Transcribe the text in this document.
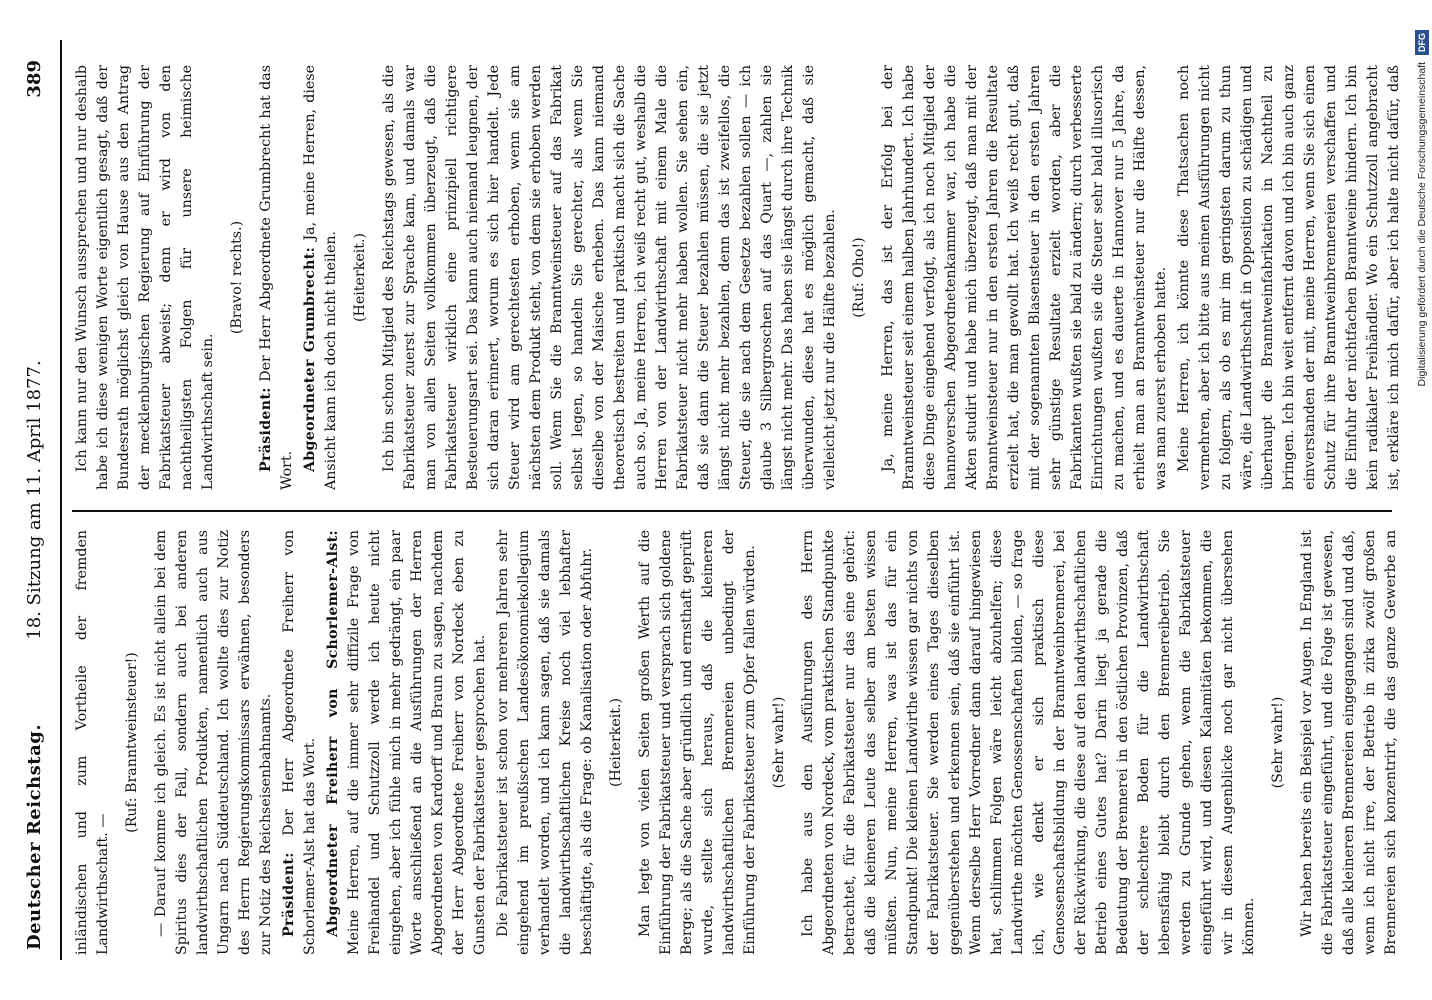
Deutscher Reichstag.
18. Sitzung am 11. April 1877.
389

inländischen und zum Vortheile der fremden Landwirthschaft. —

(Ruf: Branntweinsteuer!) — Darauf komme ich gleich. Es ist nicht allein bei dem Spiritus dies der Fall, sondern auch bei anderen landwirthschaftlichen Produkten, namentlich auch aus Ungarn nach Süddeutschland. Ich wollte dies zur Notiz des Herrn Regierungskommissars erwähnen, besonders zur Notiz des Reichseisenbahnamts. Präsident: Der Herr Abgeordnete Freiherr von Schorlemer-Alst hat das Wort. Abgeordneter Freiherr von Schorlemer-Alst: Meine Herren, auf die immer sehr diffizile Frage von Freihandel und Schutzzoll werde ich heute nicht eingehen, aber ich fühle mich in mehr gedrängt, ein paar Worte anschließend an die Ausführungen der Herren Abgeordneten von Kardorff und Braun zu sagen, nachdem der Herr Abgeordnete Freiherr von Nordeck eben zu Gunsten der Fabrikatsteuer gesprochen hat. Die Fabrikatsteuer ist schon vor mehreren Jahren sehr eingehend im preußischen Landesökonomiekollegium verhandelt worden, und ich kann sagen, daß sie damals die landwirthschaftlichen Kreise noch viel lebhafter beschäftigte, als die Frage: ob Kanalisation oder Abfuhr. (Heiterkeit.) Man legte von vielen Seiten großen Werth auf die Einführung der Fabrikatsteuer und versprach sich goldene Berge; als die Sache aber gründlich und ernsthaft geprüft wurde, stellte sich heraus, daß die kleineren landwirthschaftlichen Brennereien unbedingt der Einführung der Fabrikatsteuer zum Opfer fallen würden. (Sehr wahr!) Ich habe aus den Ausführungen des Herrn Abgeordneten von Nordeck, vom praktischen Standpunkte betrachtet, für die Fabrikatsteuer nur das eine gehört: daß die kleineren Leute das selber am besten wissen müßten. Nun, meine Herren, was ist das für ein Standpunkt! Die kleinen Landwirthe wissen gar nichts von der Fabrikatsteuer. Sie werden eines Tages dieselben gegenüberstehen und erkennen sein, daß sie einführt ist. Wenn derselbe Herr Vorredner dann darauf hingewiesen hat, schlimmen Folgen wäre leicht abzuhelfen; diese Landwirthe möchten Genossenschaften bilden, — so frage ich, wie denkt er sich praktisch diese Genossenschaftsbildung in der Branntweinbrennerei, bei der Rückwirkung, die diese auf den landwirthschaftlichen Betrieb eines Gutes hat? Darin liegt ja gerade die Bedeutung der Brennerei in den östlichen Provinzen, daß der schlechtere Boden für die Landwirthschaft lebensfähig bleibt durch den Brennereibetrieb. Sie werden zu Grunde gehen, wenn die Fabrikatsteuer eingeführt wird, und diesen Kalamitäten bekommen, die wir in diesem Augenblicke noch gar nicht übersehen können.

(Sehr wahr!)

Wir haben bereits ein Beispiel vor Augen. In England ist die Fabrikatsteuer eingeführt, und die Folge ist gewesen, daß alle kleineren Brennereien eingegangen sind und daß, wenn ich nicht irre, der Betrieb in zirka zwölf großen Brennereien sich konzentrirt, die das ganze Gewerbe an

Ich kann nur den Wunsch aussprechen und nur deshalb habe ich diese wenigen Worte eigentlich gesagt, daß der Bundesrath möglichst gleich von Hause aus den Antrag der mecklenburgischen Regierung auf Einführung der Fabrikatsteuer abweist; denn er wird von den nachtheiligsten Folgen für unsere heimische Landwirthschaft sein.

(Bravo! rechts.)

Präsident: Der Herr Abgeordnete Grumbrecht hat das Wort. Abgeordneter Grumbrecht: Ja, meine Herren, diese Ansicht kann ich doch nicht theilen. (Heiterkeit.) Ich bin schon Mitglied des Reichstags gewesen, als die Fabrikatsteuer zuerst zur Sprache kam, und damals war man von allen Seiten vollkommen überzeugt, daß die Fabrikatsteuer wirklich eine prinzipiell richtigere Besteuerungsart sei. Das kann auch niemand leugnen, der sich daran erinnert, worum es sich hier handelt. Jede Steuer wird am gerechtesten erhoben, wenn sie am nächsten dem Produkt steht, von dem sie erhoben werden soll. Wenn Sie die Branntweinsteuer auf das Fabrikat selbst legen, so handeln Sie gerechter, als wenn Sie dieselbe von der Maische erheben. Das kann niemand theoretisch bestreiten und praktisch macht sich die Sache auch so. Ja, meine Herren, ich weiß recht gut, weshalb die Herren von der Landwirthschaft mit einem Male die Fabrikatsteuer nicht mehr haben wollen. Sie sehen ein, daß sie dann die Steuer bezahlen müssen, die sie jetzt längst nicht mehr bezahlen, denn das ist zweifellos, die Steuer, die sie nach dem Gesetze bezahlen sollen — ich glaube 3 Silbergroschen auf das Quart —, zahlen sie längst nicht mehr. Das haben sie längst durch ihre Technik überwunden, diese hat es möglich gemacht, daß sie vielleicht jetzt nur die Hälfte bezahlen. (Ruf: Oho!) Ja, meine Herren, das ist der Erfolg bei der Branntweinsteuer seit einem halben Jahrhundert. Ich habe diese Dinge eingehend verfolgt, als ich noch Mitglied der hannoverschen Abgeordnetenkammer war, ich habe die Akten studirt und habe mich überzeugt, daß man mit der Branntweinsteuer nur in den ersten Jahren die Resultate erzielt hat, die man gewollt hat. Ich weiß recht gut, daß mit der sogenannten Blasensteuer in den ersten Jahren sehr günstige Resultate erzielt worden, aber die Fabrikanten wußten sie bald zu ändern; durch verbesserte Einrichtungen wußten sie die Steuer sehr bald illusorisch zu machen, und es dauerte in Hannover nur 5 Jahre, da erhielt man an Branntweinsteuer nur die Hälfte dessen, was man zuerst erhoben hatte. Meine Herren, ich könnte diese Thatsachen noch vermehren, aber ich bitte aus meinen Ausführungen nicht zu folgern, als ob es mir im geringsten darum zu thun wäre, die Landwirthschaft in Opposition zu schädigen und überhaupt die Branntweinfabrikation in Nachtheil zu bringen. Ich bin weit entfernt davon und ich bin auch ganz einverstanden der mit, meine Herren, wenn Sie sich einen Schutz für ihre Branntweinbrennereien verschaffen und die Einfuhr der nichtfachen Branntweine hindern. Ich bin kein radikaler Freihändler. Wo ein Schutzzoll angebracht ist, erkläre ich mich dafür, aber ich halte nicht dafür, daß	Digitalisierung gefördert durch die Deutsche Forschungsgemeinschaft DFG
